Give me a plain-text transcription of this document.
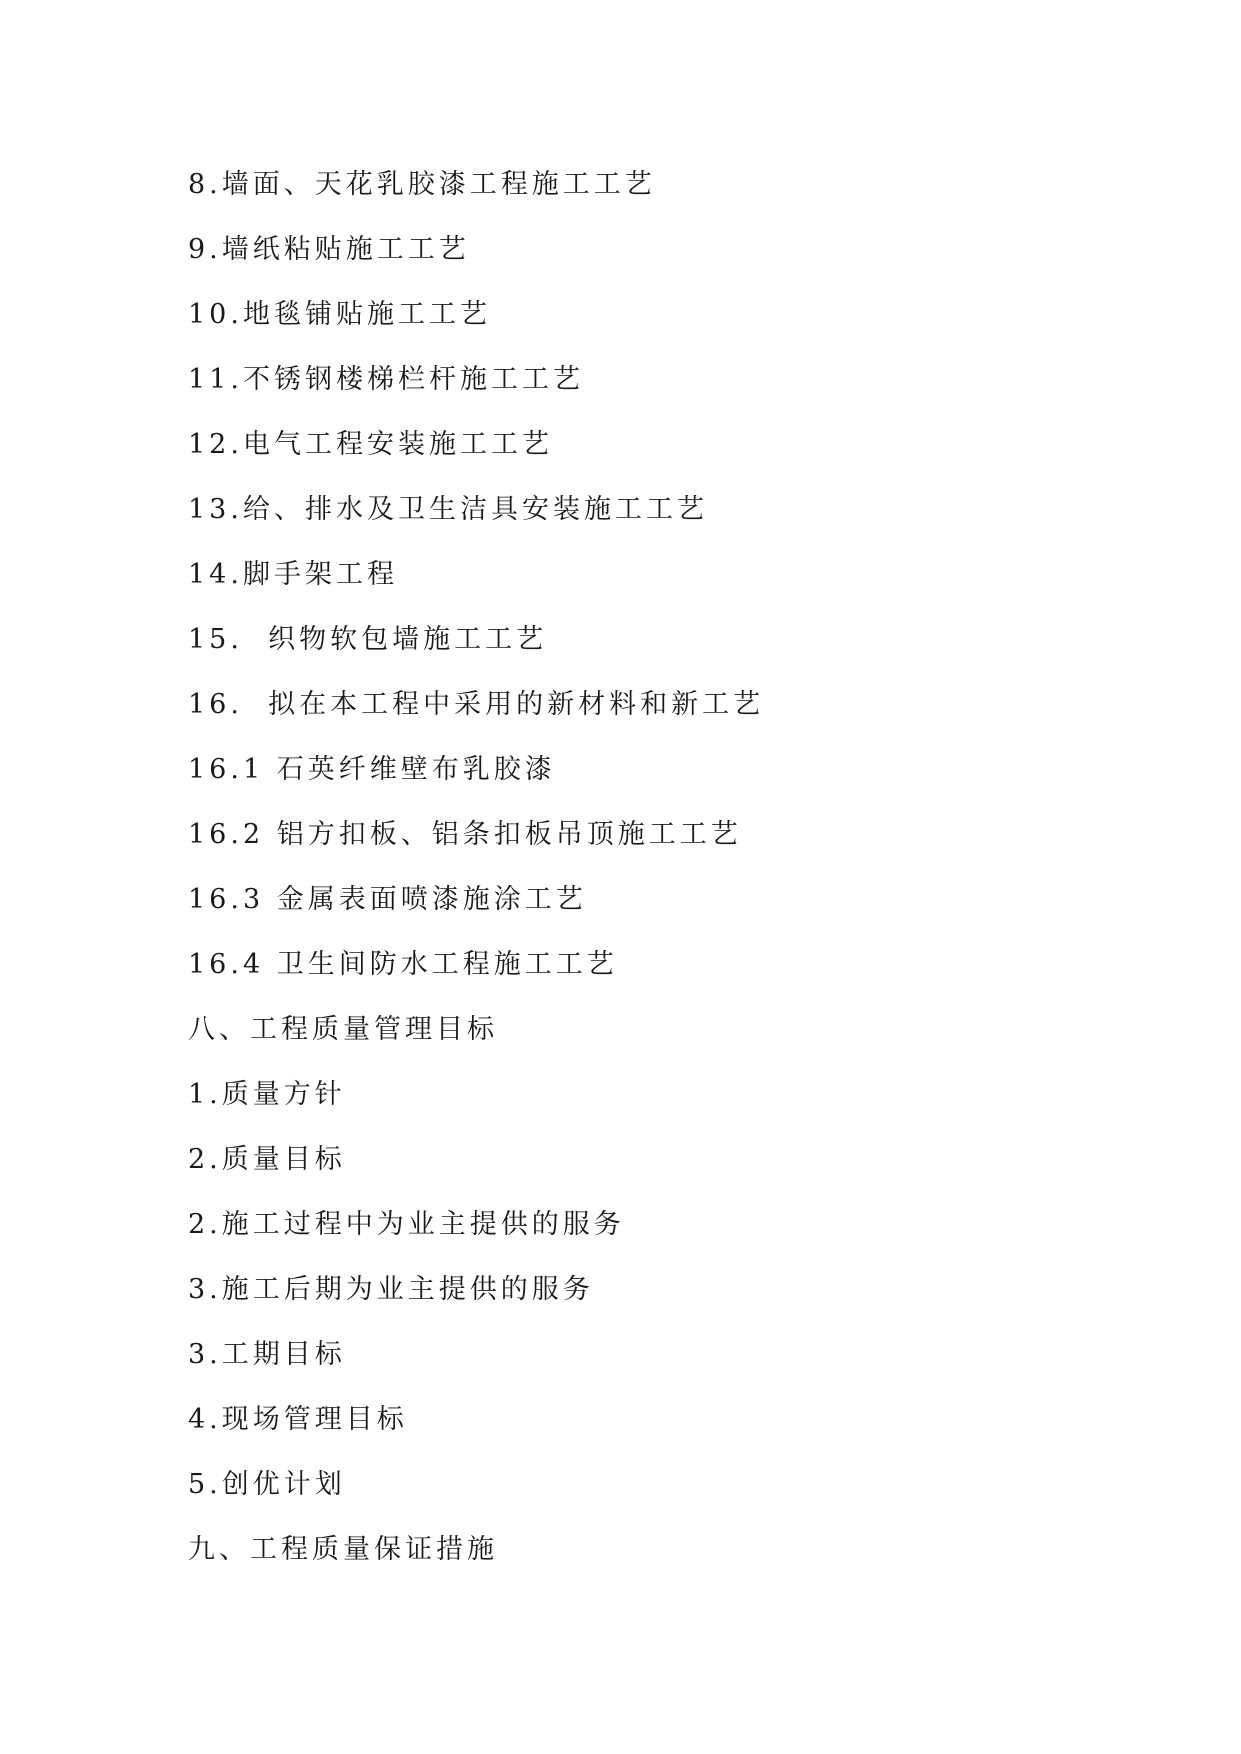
8.墙面、天花乳胶漆工程施工工艺
9.墙纸粘贴施工工艺
10.地毯铺贴施工工艺
11.不锈钢楼梯栏杆施工工艺
12.电气工程安装施工工艺
13.给、排水及卫生洁具安装施工工艺
14.脚手架工程
15.  织物软包墙施工工艺
16.  拟在本工程中采用的新材料和新工艺
16.1 石英纤维壁布乳胶漆
16.2 铝方扣板、铝条扣板吊顶施工工艺
16.3 金属表面喷漆施涂工艺
16.4 卫生间防水工程施工工艺
八、工程质量管理目标
1.质量方针
2.质量目标
2.施工过程中为业主提供的服务
3.施工后期为业主提供的服务
3.工期目标
4.现场管理目标
5.创优计划
九、工程质量保证措施
